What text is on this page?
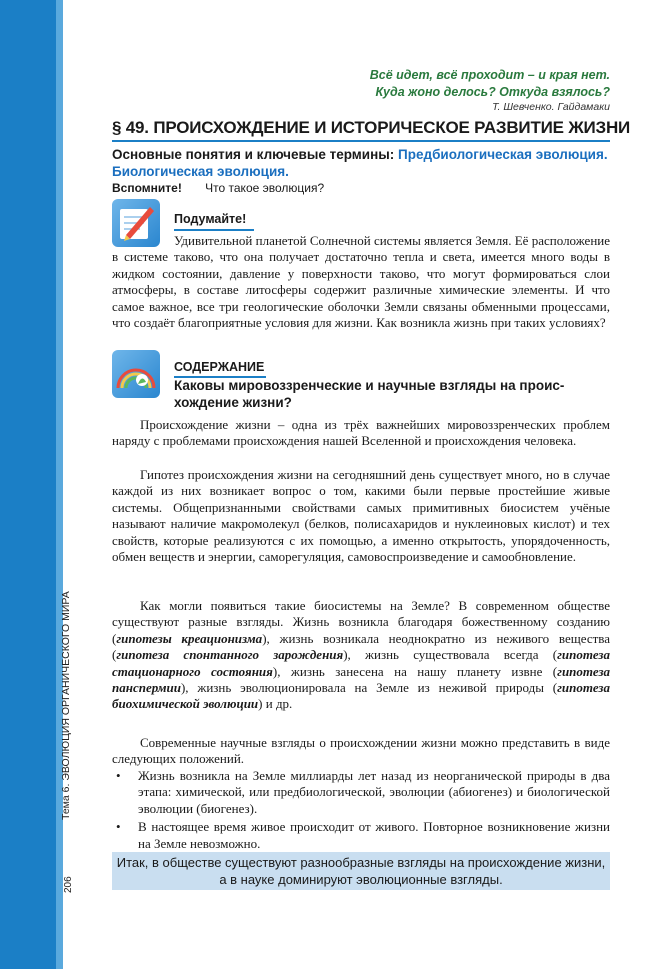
Тема 6. ЭВОЛЮЦИЯ ОРГАНИЧЕСКОГО МИРА
206
Всё идет, всё проходит – и края нет.
Куда жоно делось? Откуда взялось?
Т. Шевченко. Гайдамаки
§ 49. ПРОИСХОЖДЕНИЕ И ИСТОРИЧЕСКОЕ РАЗВИТИЕ ЖИЗНИ
Основные понятия и ключевые термины: Предбиологическая эволюция. Биологическая эволюция.
Вспомните! Что такое эволюция?
Подумайте!

Удивительной планетой Солнечной системы является Земля. Её расположение в системе таково, что она получает достаточно тепла и света, имеется много воды в жидком состоянии, давление у поверхности таково, что могут формироваться слои атмосферы, в составе литосферы содержит различные химические элементы. И что самое важное, все три геологические оболочки Земли связаны обменными процессами, что создаёт благоприятные условия для жизни. Как возникла жизнь при таких условиях?

СОДЕРЖАНИЕ
Каковы мировоззренческие и научные взгляды на происхождение жизни?

Происхождение жизни – одна из трёх важнейших мировоззренческих проблем наряду с проблемами происхождения нашей Вселенной и происхождения человека.

Гипотез происхождения жизни на сегодняшний день существует много, но в случае каждой из них возникает вопрос о том, какими были первые простейшие живые системы. Общепризнанными свойствами самых примитивных биосистем учёные называют наличие макромолекул (белков, полисахаридов и нуклеиновых кислот) и тех свойств, которые реализуются с их помощью, а именно открытость, упорядоченность, обмен веществ и энергии, саморегуляция, самовоспроизведение и самообновление.

Как могли появиться такие биосистемы на Земле? В современном обществе существуют разные взгляды. Жизнь возникла благодаря божественному созданию (гипотезы креационизма), жизнь возникала неоднократно из неживого вещества (гипотеза спонтанного зарождения), жизнь существовала всегда (гипотеза стационарного состояния), жизнь занесена на нашу планету извне (гипотеза панспермии), жизнь эволюционировала на Земле из неживой природы (гипотеза биохимической эволюции) и др.

Современные научные взгляды о происхождении жизни можно представить в виде следующих положений.

• Жизнь возникла на Земле миллиарды лет назад из неорганической природы в два этапа: химической, или предбиологической, эволюции (абиогенез) и биологической эволюции (биогенез).
• В настоящее время живое происходит от живого. Повторное возникновение жизни на Земле невозможно.
Итак, в обществе существуют разнообразные взгляды на происхождение жизни, а в науке доминируют эволюционные взгляды.
